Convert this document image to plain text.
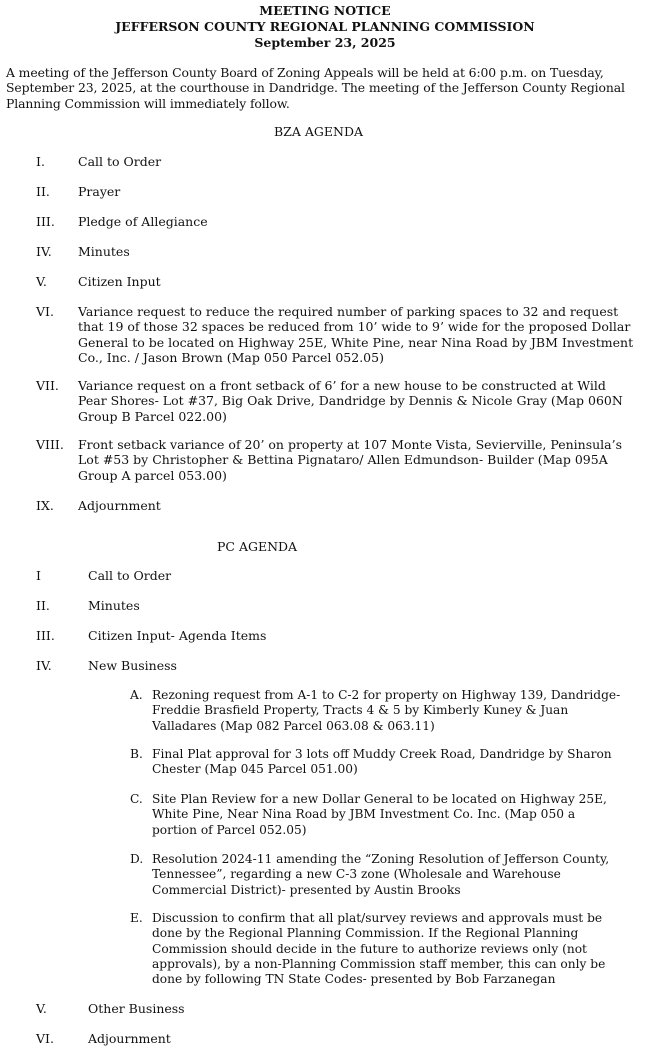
MEETING NOTICE
JEFFERSON COUNTY REGIONAL PLANNING COMMISSION
September 23, 2025
A meeting of the Jefferson County Board of Zoning Appeals will be held at 6:00 p.m. on Tuesday, September 23, 2025, at the courthouse in Dandridge. The meeting of the Jefferson County Regional Planning Commission will immediately follow.
BZA AGENDA
I.	Call to Order
II. Prayer
III. Pledge of Allegiance
IV. Minutes
V. Citizen Input
VI. Variance request to reduce the required number of parking spaces to 32 and request that 19 of those 32 spaces be reduced from 10’ wide to 9’ wide for the proposed Dollar General to be located on Highway 25E, White Pine, near Nina Road by JBM Investment Co., Inc. / Jason Brown (Map 050 Parcel 052.05)
VII. Variance request on a front setback of 6’ for a new house to be constructed at Wild Pear Shores- Lot #37, Big Oak Drive, Dandridge by Dennis & Nicole Gray (Map 060N Group B Parcel 022.00)
VIII. Front setback variance of 20’ on property at 107 Monte Vista, Sevierville, Peninsula’s Lot #53 by Christopher & Bettina Pignataro/ Allen Edmundson- Builder (Map 095A Group A parcel 053.00)
IX. Adjournment
PC AGENDA
I	Call to Order
II.	Minutes
III.	Citizen Input- Agenda Items
IV.	New Business
A. Rezoning request from A-1 to C-2 for property on Highway 139, Dandridge- Freddie Brasfield Property, Tracts 4 & 5 by Kimberly Kuney & Juan Valladares (Map 082 Parcel 063.08 & 063.11)
B. Final Plat approval for 3 lots off Muddy Creek Road, Dandridge by Sharon Chester (Map 045 Parcel 051.00)
C. Site Plan Review for a new Dollar General to be located on Highway 25E, White Pine, Near Nina Road by JBM Investment Co. Inc. (Map 050 a portion of Parcel 052.05)
D. Resolution 2024-11 amending the “Zoning Resolution of Jefferson County, Tennessee”, regarding a new C-3 zone (Wholesale and Warehouse Commercial District)- presented by Austin Brooks
E. Discussion to confirm that all plat/survey reviews and approvals must be done by the Regional Planning Commission. If the Regional Planning Commission should decide in the future to authorize reviews only (not approvals), by a non-Planning Commission staff member, this can only be done by following TN State Codes- presented by Bob Farzanegan
V.	Other Business
VI.	Adjournment
